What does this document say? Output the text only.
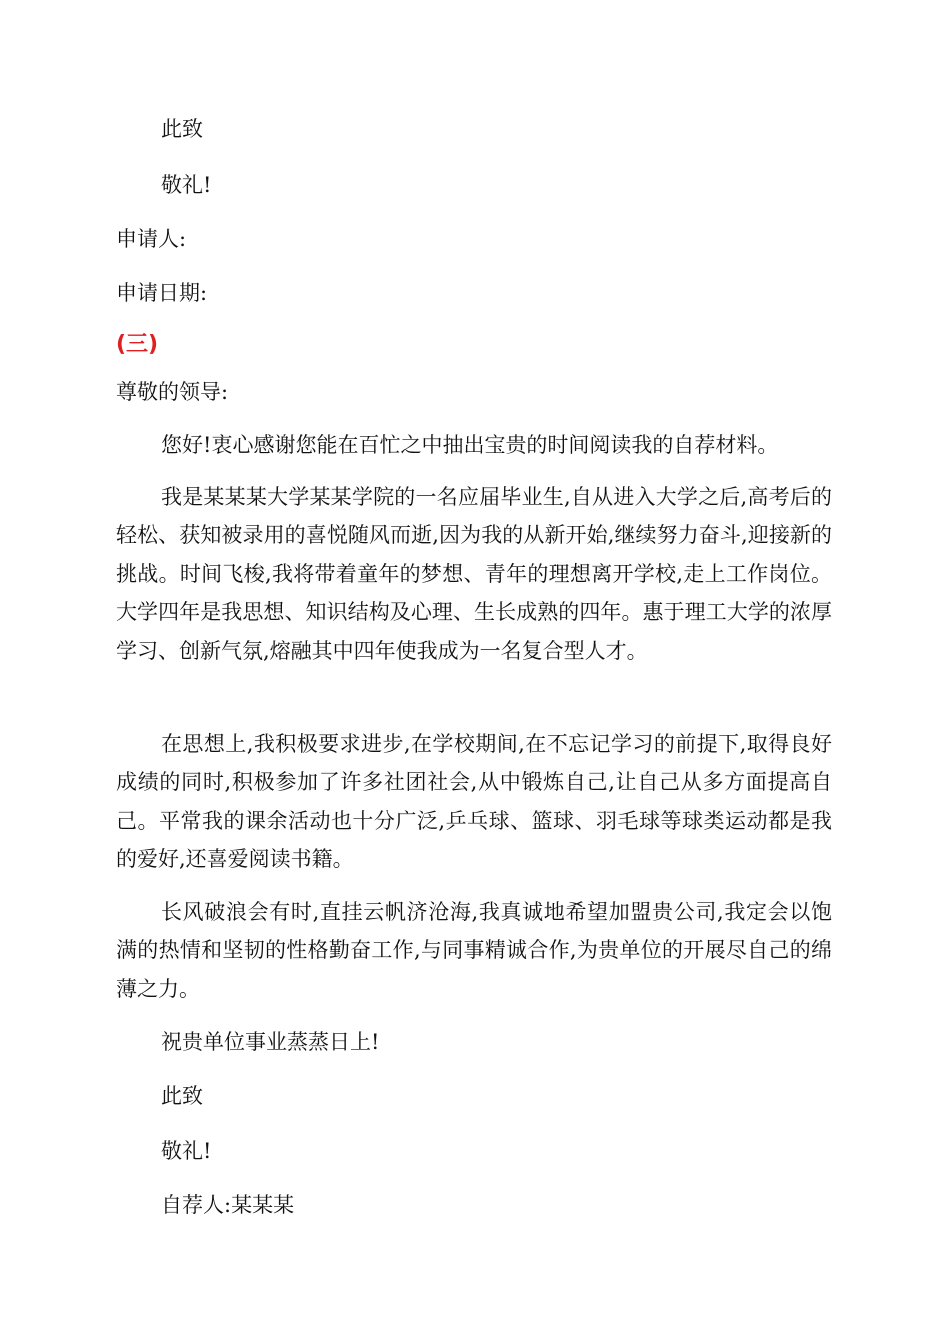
此致
敬礼!
申请人:
申请日期:
(三)
尊敬的领导:
您好!衷心感谢您能在百忙之中抽出宝贵的时间阅读我的自荐材料。
我是某某某大学某某学院的一名应届毕业生,自从进入大学之后,高考后的轻松、获知被录用的喜悦随风而逝,因为我的从新开始,继续努力奋斗,迎接新的挑战。时间飞梭,我将带着童年的梦想、青年的理想离开学校,走上工作岗位。大学四年是我思想、知识结构及心理、生长成熟的四年。惠于理工大学的浓厚学习、创新气氛,熔融其中四年使我成为一名复合型人才。
在思想上,我积极要求进步,在学校期间,在不忘记学习的前提下,取得良好成绩的同时,积极参加了许多社团社会,从中锻炼自己,让自己从多方面提高自己。平常我的课余活动也十分广泛,乒乓球、篮球、羽毛球等球类运动都是我的爱好,还喜爱阅读书籍。
长风破浪会有时,直挂云帆济沧海,我真诚地希望加盟贵公司,我定会以饱满的热情和坚韧的性格勤奋工作,与同事精诚合作,为贵单位的开展尽自己的绵薄之力。
祝贵单位事业蒸蒸日上!
此致
敬礼!
自荐人:某某某
